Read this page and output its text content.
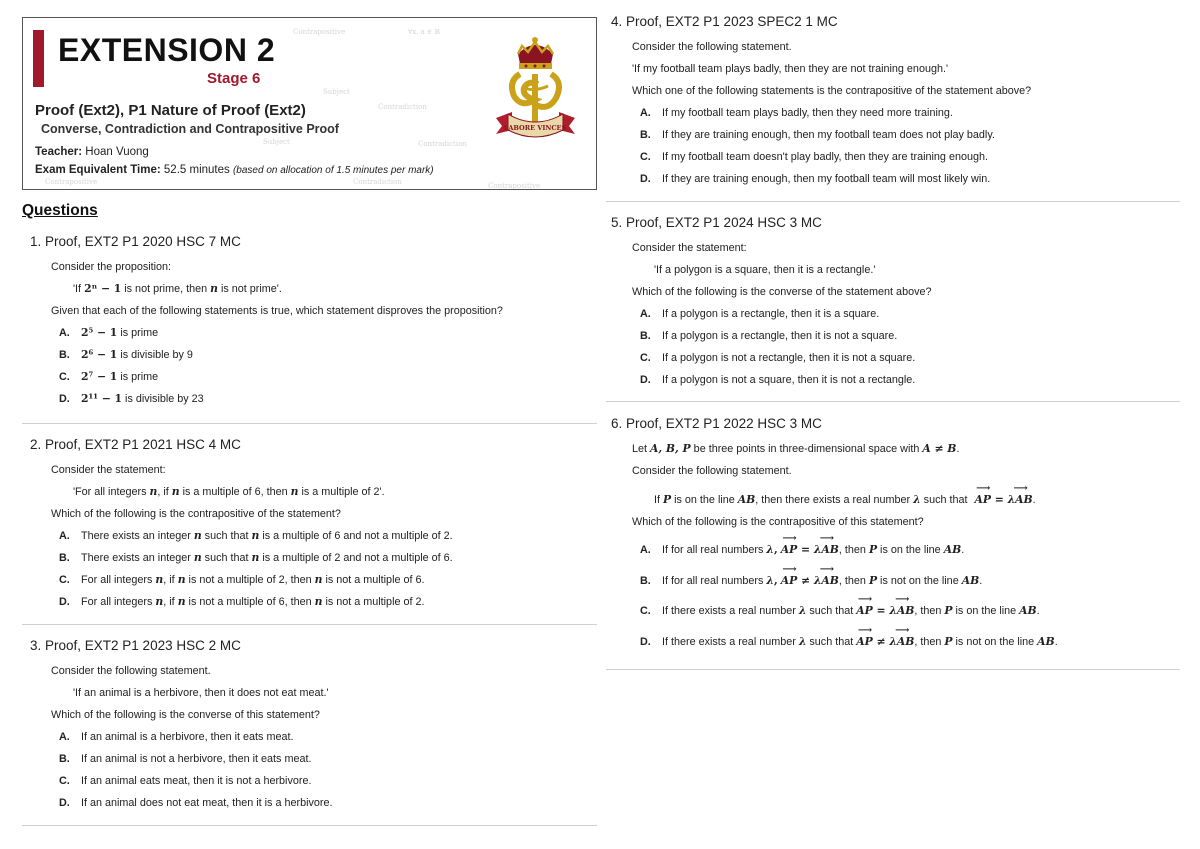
Contrapositive	∀x, a ∈ ℝ
Subject
Contradiction
Contradiction
Contradiction
Subject
Contrapositive	Contrapositive
EXTENSION 2
Stage 6
Proof (Ext2), P1 Nature of Proof (Ext2)
Converse, Contradiction and Contrapositive Proof
Teacher: Hoan Vuong
Exam Equivalent Time: 52.5 minutes (based on allocation of 1.5 minutes per mark)
LABORE VINCES
Questions
1. Proof, EXT2 P1 2020 HSC 7 MC
Consider the proposition:
'If 2ⁿ − 1 is not prime, then n is not prime'.
Given that each of the following statements is true, which statement disproves the proposition?
A. 2⁵ − 1 is prime
B. 2⁶ − 1 is divisible by 9
C. 2⁷ − 1 is prime
D. 2¹¹ − 1 is divisible by 23
2. Proof, EXT2 P1 2021 HSC 4 MC
Consider the statement:
'For all integers n, if n is a multiple of 6, then n is a multiple of 2'.
Which of the following is the contrapositive of the statement?
A. There exists an integer n such that n is a multiple of 6 and not a multiple of 2.
B. There exists an integer n such that n is a multiple of 2 and not a multiple of 6.
C. For all integers n, if n is not a multiple of 2, then n is not a multiple of 6.
D. For all integers n, if n is not a multiple of 6, then n is not a multiple of 2.
3. Proof, EXT2 P1 2023 HSC 2 MC
Consider the following statement.
'If an animal is a herbivore, then it does not eat meat.'
Which of the following is the converse of this statement?
A. If an animal is a herbivore, then it eats meat.
B. If an animal is not a herbivore, then it eats meat.
C. If an animal eats meat, then it is not a herbivore.
D. If an animal does not eat meat, then it is a herbivore.
4. Proof, EXT2 P1 2023 SPEC2 1 MC
Consider the following statement.
'If my football team plays badly, then they are not training enough.'
Which one of the following statements is the contrapositive of the statement above?
A. If my football team plays badly, then they need more training.
B. If they are training enough, then my football team does not play badly.
C. If my football team doesn't play badly, then they are training enough.
D. If they are training enough, then my football team will most likely win.
5. Proof, EXT2 P1 2024 HSC 3 MC
Consider the statement:
'If a polygon is a square, then it is a rectangle.'
Which of the following is the converse of the statement above?
A. If a polygon is a rectangle, then it is a square.
B. If a polygon is a rectangle, then it is not a square.
C. If a polygon is not a rectangle, then it is not a square.
D. If a polygon is not a square, then it is not a rectangle.
6. Proof, EXT2 P1 2022 HSC 3 MC
Let A, B, P be three points in three-dimensional space with A ≠ B.
Consider the following statement.
If P is on the line AB, then there exists a real number λ such that
⟶
AP =
⟶
λAB.
Which of the following is the contrapositive of this statement?
A. If for all real numbers λ,
⟶
AP =
⟶
λAB, then P is on the line AB.
B. If for all real numbers λ,
⟶
AP ≠
⟶
λAB, then P is not on the line AB.
C. If there exists a real number λ such that
⟶
AP =
⟶
λAB, then P is on the line AB.
D. If there exists a real number λ such that
⟶
AP ≠
⟶
λAB, then P is not on the line AB.
